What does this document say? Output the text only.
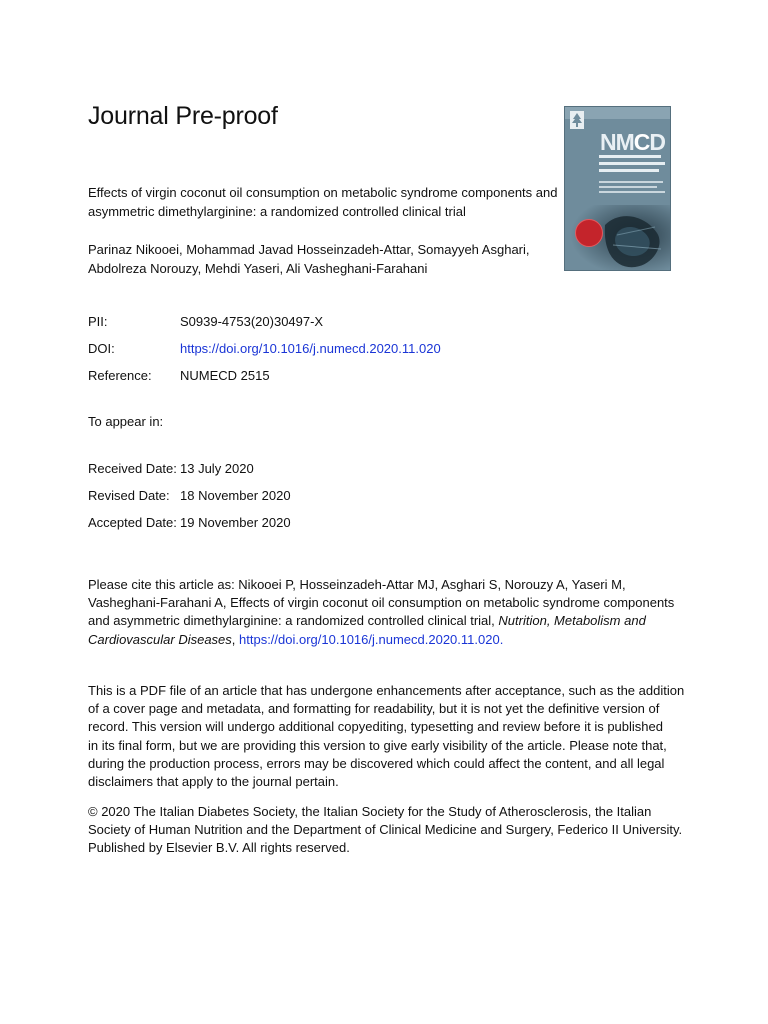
Journal Pre-proof
NMCD
Effects of virgin coconut oil consumption on metabolic syndrome components and
asymmetric dimethylarginine: a randomized controlled clinical trial
Parinaz Nikooei, Mohammad Javad Hosseinzadeh-Attar, Somayyeh Asghari,
Abdolreza Norouzy, Mehdi Yaseri, Ali Vasheghani-Farahani
PII:	S0939-4753(20)30497-X
DOI:	https://doi.org/10.1016/j.numecd.2020.11.020
Reference: NUMECD 2515
To appear in:
Received Date: 13 July 2020
Revised Date: 18 November 2020
Accepted Date: 19 November 2020
Please cite this article as: Nikooei P, Hosseinzadeh-Attar MJ, Asghari S, Norouzy A, Yaseri M,
Vasheghani-Farahani A, Effects of virgin coconut oil consumption on metabolic syndrome components
and asymmetric dimethylarginine: a randomized controlled clinical trial, Nutrition, Metabolism and
Cardiovascular Diseases, https://doi.org/10.1016/j.numecd.2020.11.020.
This is a PDF file of an article that has undergone enhancements after acceptance, such as the addition
of a cover page and metadata, and formatting for readability, but it is not yet the definitive version of
record. This version will undergo additional copyediting, typesetting and review before it is published
in its final form, but we are providing this version to give early visibility of the article. Please note that,
during the production process, errors may be discovered which could affect the content, and all legal
disclaimers that apply to the journal pertain.
© 2020 The Italian Diabetes Society, the Italian Society for the Study of Atherosclerosis, the Italian
Society of Human Nutrition and the Department of Clinical Medicine and Surgery, Federico II University.
Published by Elsevier B.V. All rights reserved.
